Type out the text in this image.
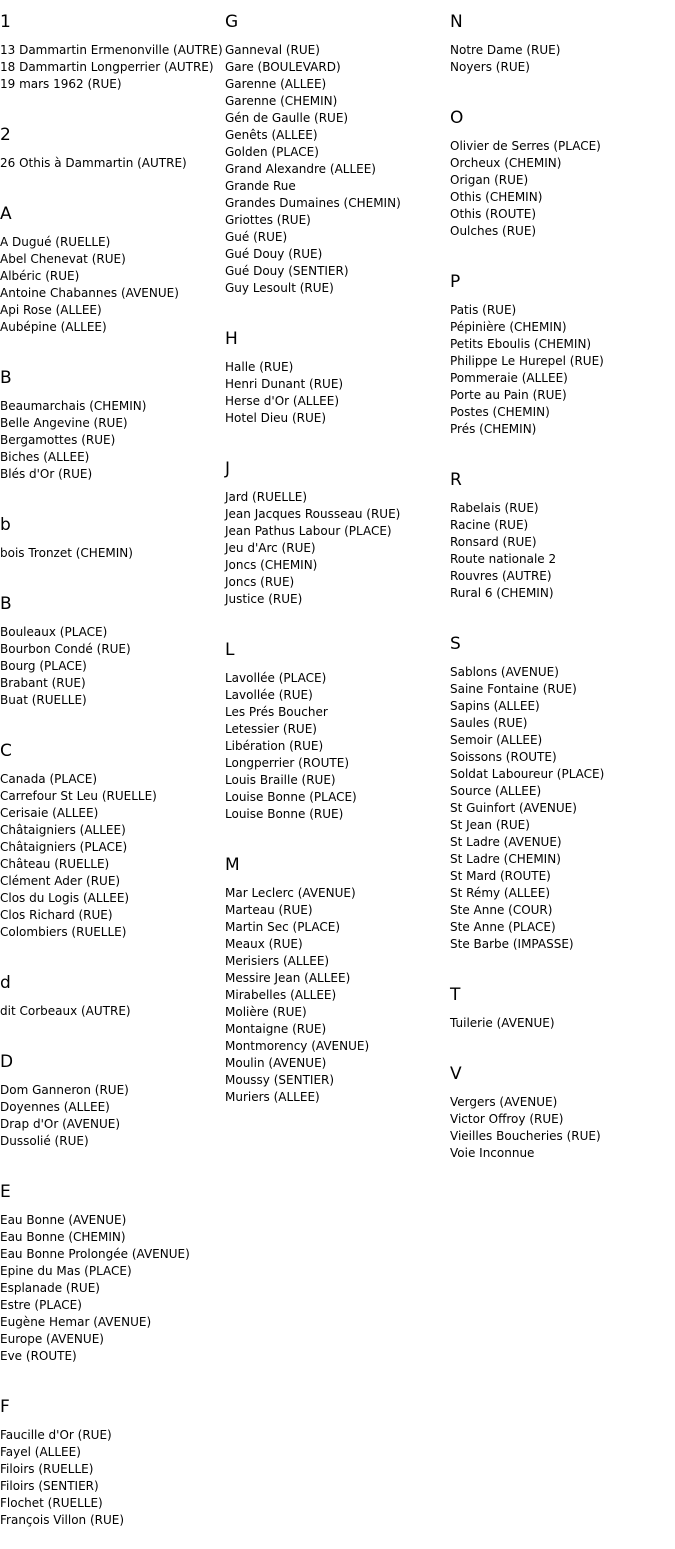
1
13 Dammartin Ermenonville (AUTRE)
18 Dammartin Longperrier (AUTRE)
19 mars 1962 (RUE)
2
26 Othis à Dammartin (AUTRE)
A
A Dugué (RUELLE)
Abel Chenevat (RUE)
Albéric (RUE)
Antoine Chabannes (AVENUE)
Api Rose (ALLEE)
Aubépine (ALLEE)
B
Beaumarchais (CHEMIN)
Belle Angevine (RUE)
Bergamottes (RUE)
Biches (ALLEE)
Blés d'Or (RUE)
b
bois Tronzet (CHEMIN)
B
Bouleaux (PLACE)
Bourbon Condé (RUE)
Bourg (PLACE)
Brabant (RUE)
Buat (RUELLE)
C
Canada (PLACE)
Carrefour St Leu (RUELLE)
Cerisaie (ALLEE)
Châtaigniers (ALLEE)
Châtaigniers (PLACE)
Château (RUELLE)
Clément Ader (RUE)
Clos du Logis (ALLEE)
Clos Richard (RUE)
Colombiers (RUELLE)
d
dit Corbeaux (AUTRE)
D
Dom Ganneron (RUE)
Doyennes (ALLEE)
Drap d'Or (AVENUE)
Dussolié (RUE)
E
Eau Bonne (AVENUE)
Eau Bonne (CHEMIN)
Eau Bonne Prolongée (AVENUE)
Epine du Mas (PLACE)
Esplanade (RUE)
Estre (PLACE)
Eugène Hemar (AVENUE)
Europe (AVENUE)
Eve (ROUTE)
F
Faucille d'Or (RUE)
Fayel (ALLEE)
Filoirs (RUELLE)
Filoirs (SENTIER)
Flochet (RUELLE)
François Villon (RUE)
G
Ganneval (RUE)
Gare (BOULEVARD)
Garenne (ALLEE)
Garenne (CHEMIN)
Gén de Gaulle (RUE)
Genêts (ALLEE)
Golden (PLACE)
Grand Alexandre (ALLEE)
Grande Rue
Grandes Dumaines (CHEMIN)
Griottes (RUE)
Gué (RUE)
Gué Douy (RUE)
Gué Douy (SENTIER)
Guy Lesoult (RUE)
H
Halle (RUE)
Henri Dunant (RUE)
Herse d'Or (ALLEE)
Hotel Dieu (RUE)
J
Jard (RUELLE)
Jean Jacques Rousseau (RUE)
Jean Pathus Labour (PLACE)
Jeu d'Arc (RUE)
Joncs (CHEMIN)
Joncs (RUE)
Justice (RUE)
L
Lavollée (PLACE)
Lavollée (RUE)
Les Prés Boucher
Letessier (RUE)
Libération (RUE)
Longperrier (ROUTE)
Louis Braille (RUE)
Louise Bonne (PLACE)
Louise Bonne (RUE)
M
Mar Leclerc (AVENUE)
Marteau (RUE)
Martin Sec (PLACE)
Meaux (RUE)
Merisiers (ALLEE)
Messire Jean (ALLEE)
Mirabelles (ALLEE)
Molière (RUE)
Montaigne (RUE)
Montmorency (AVENUE)
Moulin (AVENUE)
Moussy (SENTIER)
Muriers (ALLEE)
N
Notre Dame (RUE)
Noyers (RUE)
O
Olivier de Serres (PLACE)
Orcheux (CHEMIN)
Origan (RUE)
Othis (CHEMIN)
Othis (ROUTE)
Oulches (RUE)
P
Patis (RUE)
Pépinière (CHEMIN)
Petits Eboulis (CHEMIN)
Philippe Le Hurepel (RUE)
Pommeraie (ALLEE)
Porte au Pain (RUE)
Postes (CHEMIN)
Prés (CHEMIN)
R
Rabelais (RUE)
Racine (RUE)
Ronsard (RUE)
Route nationale 2
Rouvres (AUTRE)
Rural 6 (CHEMIN)
S
Sablons (AVENUE)
Saine Fontaine (RUE)
Sapins (ALLEE)
Saules (RUE)
Semoir (ALLEE)
Soissons (ROUTE)
Soldat Laboureur (PLACE)
Source (ALLEE)
St Guinfort (AVENUE)
St Jean (RUE)
St Ladre (AVENUE)
St Ladre (CHEMIN)
St Mard (ROUTE)
St Rémy (ALLEE)
Ste Anne (COUR)
Ste Anne (PLACE)
Ste Barbe (IMPASSE)
T
Tuilerie (AVENUE)
V
Vergers (AVENUE)
Victor Offroy (RUE)
Vieilles Boucheries (RUE)
Voie Inconnue
